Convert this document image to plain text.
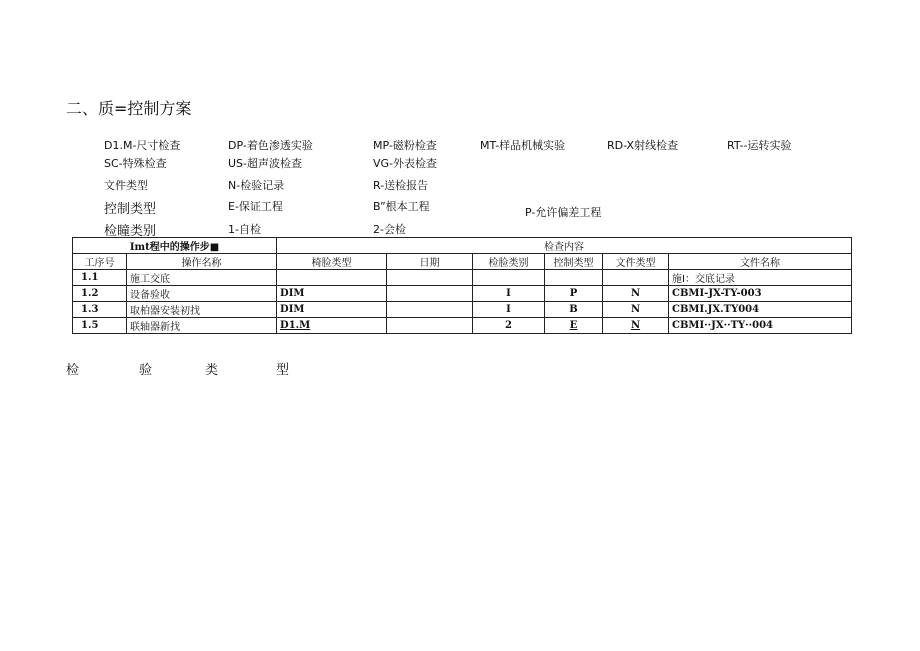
二、质=控制方案
D1.M-尺寸检查	DP-着色渗透实验	MP-磁粉检查	MT-样品机械实验	RD-X射线检查	RT--运转实验
SC-特殊检查	US-超声波检查	VG-外表检查
文件类型	N-检验记录	R-送检报告
控制类型	E-保证工程	B”根本工程	P-允许偏差工程
检瞳类别	1-自检	2-会检
Imt程中的操作步■		检查内容					
工序号	操作名称	椅脸类型	日期	检脸类别	控制类型	文件类型	文件名称
1.1	施工交底						施I：交底记录
1.2	设备验收	DIM		I	P	N	CBMI-JX-TY-003
1.3	取柏器安装初找	DIM		I	B	N	CBMI.JX.TY004
1.5	联轴器新找	D1.M		2	E	N	CBMI··JX··TY··004
检	验	类	型
